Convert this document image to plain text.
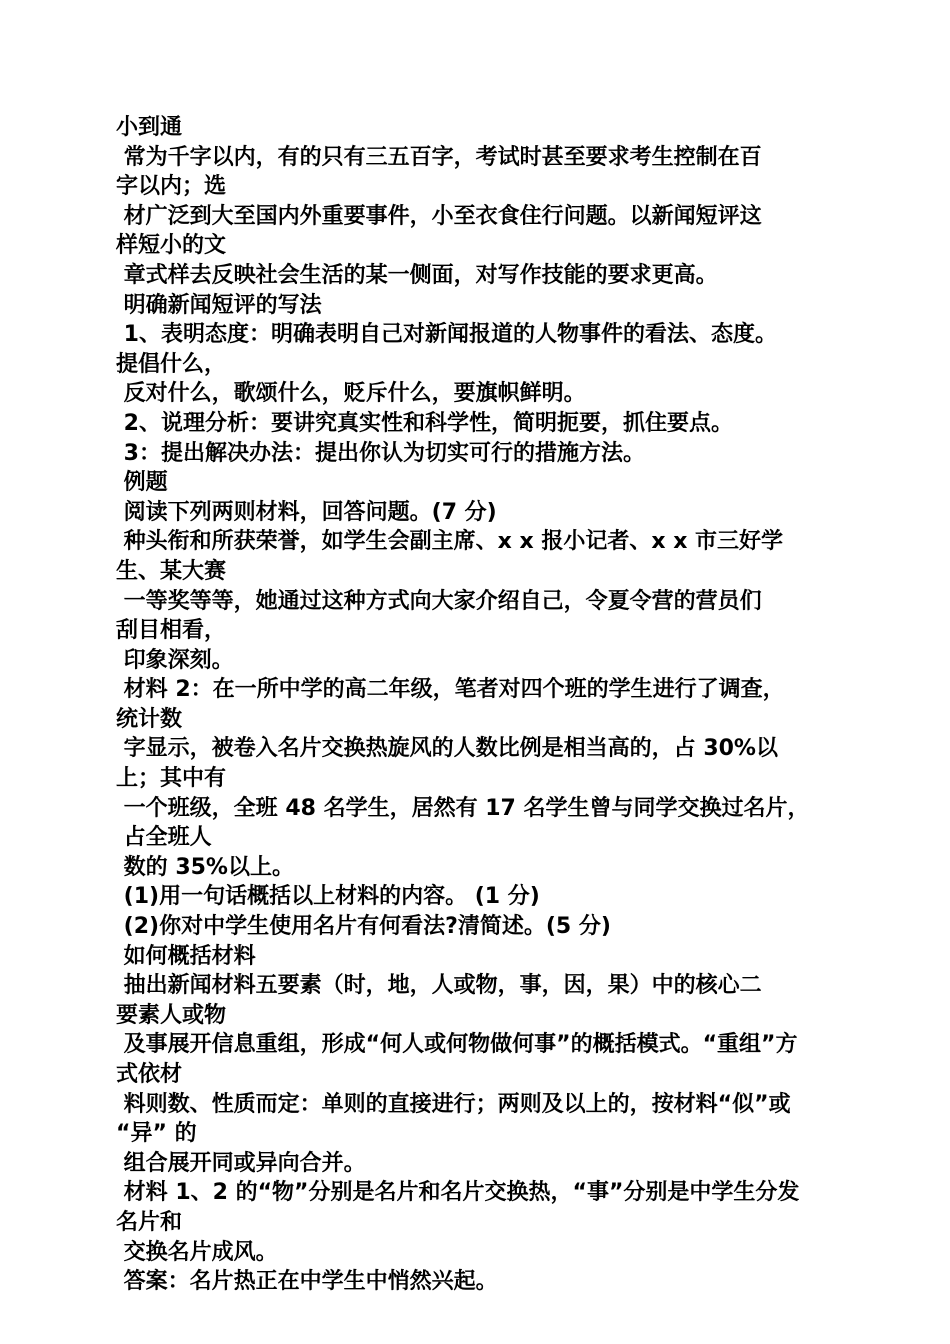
小到通
常为千字以内，有的只有三五百字，考试时甚至要求考生控制在百
字以内；选
材广泛到大至国内外重要事件，小至衣食住行问题。以新闻短评这
样短小的文
章式样去反映社会生活的某一侧面，对写作技能的要求更高。
明确新闻短评的写法
1、表明态度：明确表明自己对新闻报道的人物事件的看法、态度。
提倡什么，
反对什么，歌颂什么，贬斥什么，要旗帜鲜明。
2、说理分析：要讲究真实性和科学性，简明扼要，抓住要点。
3：提出解决办法：提出你认为切实可行的措施方法。
例题
阅读下列两则材料，回答问题。(7 分)
种头衔和所获荣誉，如学生会副主席、x x 报小记者、x x 市三好学
生、某大赛
一等奖等等，她通过这种方式向大家介绍自己，令夏令营的营员们
刮目相看，
印象深刻。
材料 2：在一所中学的高二年级，笔者对四个班的学生进行了调查，
统计数
字显示，被卷入名片交换热旋风的人数比例是相当高的，占 30%以
上；其中有
一个班级，全班 48 名学生，居然有 17 名学生曾与同学交换过名片，
占全班人
数的 35%以上。
(1)用一句话概括以上材料的内容。 (1 分)
(2)你对中学生使用名片有何看法?清简述。(5 分)
如何概括材料
抽出新闻材料五要素（时，地，人或物，事，因，果）中的核心二
要素人或物
及事展开信息重组，形成“何人或何物做何事”的概括模式。“重组”方
式依材
料则数、性质而定：单则的直接进行；两则及以上的，按材料“似”或
“异” 的
组合展开同或异向合并。
材料 1、2 的“物”分别是名片和名片交换热，“事”分别是中学生分发
名片和
交换名片成风。
答案：名片热正在中学生中悄然兴起。
